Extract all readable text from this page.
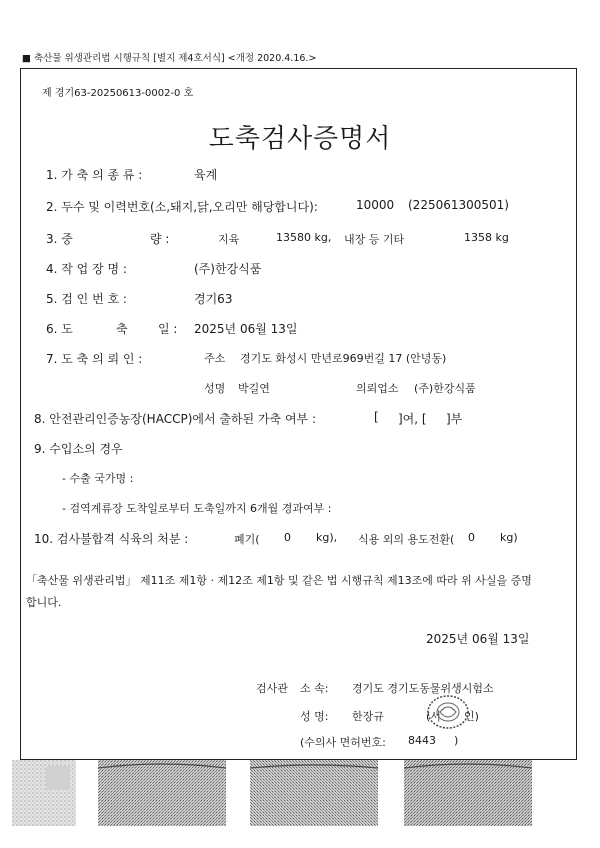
■ 축산물 위생관리법 시행규칙 [별지 제4호서식] <개정 2020.4.16.>
제 경기63-20250613-0002-0 호
도축검사증명서
1. 가 축 의 종 류 :	육계
2. 두수 및 이력번호(소,돼지,닭,오리만 해당합니다):	10000 (225061300501)
3. 중	량 :	지육	13580 kg, 내장 등 기타	1358 kg
4. 작 업 장 명 :	(주)한강식품
5. 검 인 번 호 :	경기63
6. 도	축	일 : 2025년 06월 13일
7. 도 축 의 뢰 인 :	주소 경기도 화성시 만년로969번길 17 (안녕동)
성명 박길연	의뢰업소 (주)한강식품
8. 안전관리인증농장(HACCP)에서 출하된 가축 여부 :	[ ]여, [ ]부
9. 수입소의 경우
- 수출 국가명 :
- 검역계류장 도착일로부터 도축일까지 6개월 경과여부 :
10. 검사불합격 식육의 처분 :	폐기( 0 kg), 식용 외의 용도전환( 0 kg)
「축산물 위생관리법」 제11조 제1항 · 제12조 제1항 및 같은 법 시행규칙 제13조에 따라 위 사실을 증명
합니다.
2025년 06월 13일
검사관 소 속: 경기도 경기도동물위생시험소
성 명: 한장규	(서 인)
(수의사 면허번호: 8443 )
